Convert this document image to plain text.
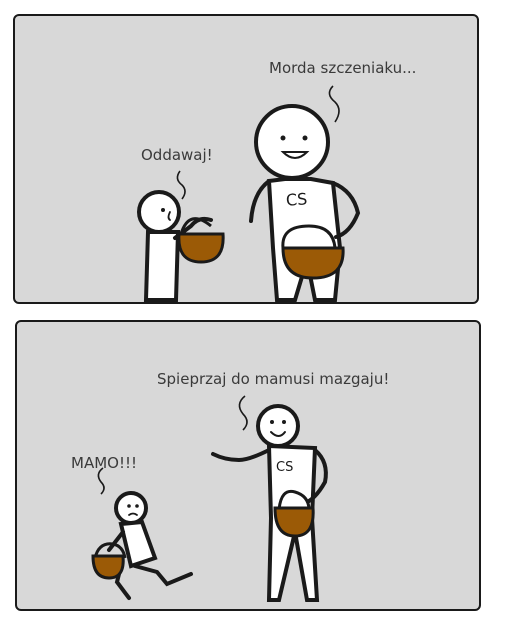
Morda szczeniaku...
Oddawaj!
CS
Spieprzaj do mamusi mazgaju!
MAMO!!!	CS
